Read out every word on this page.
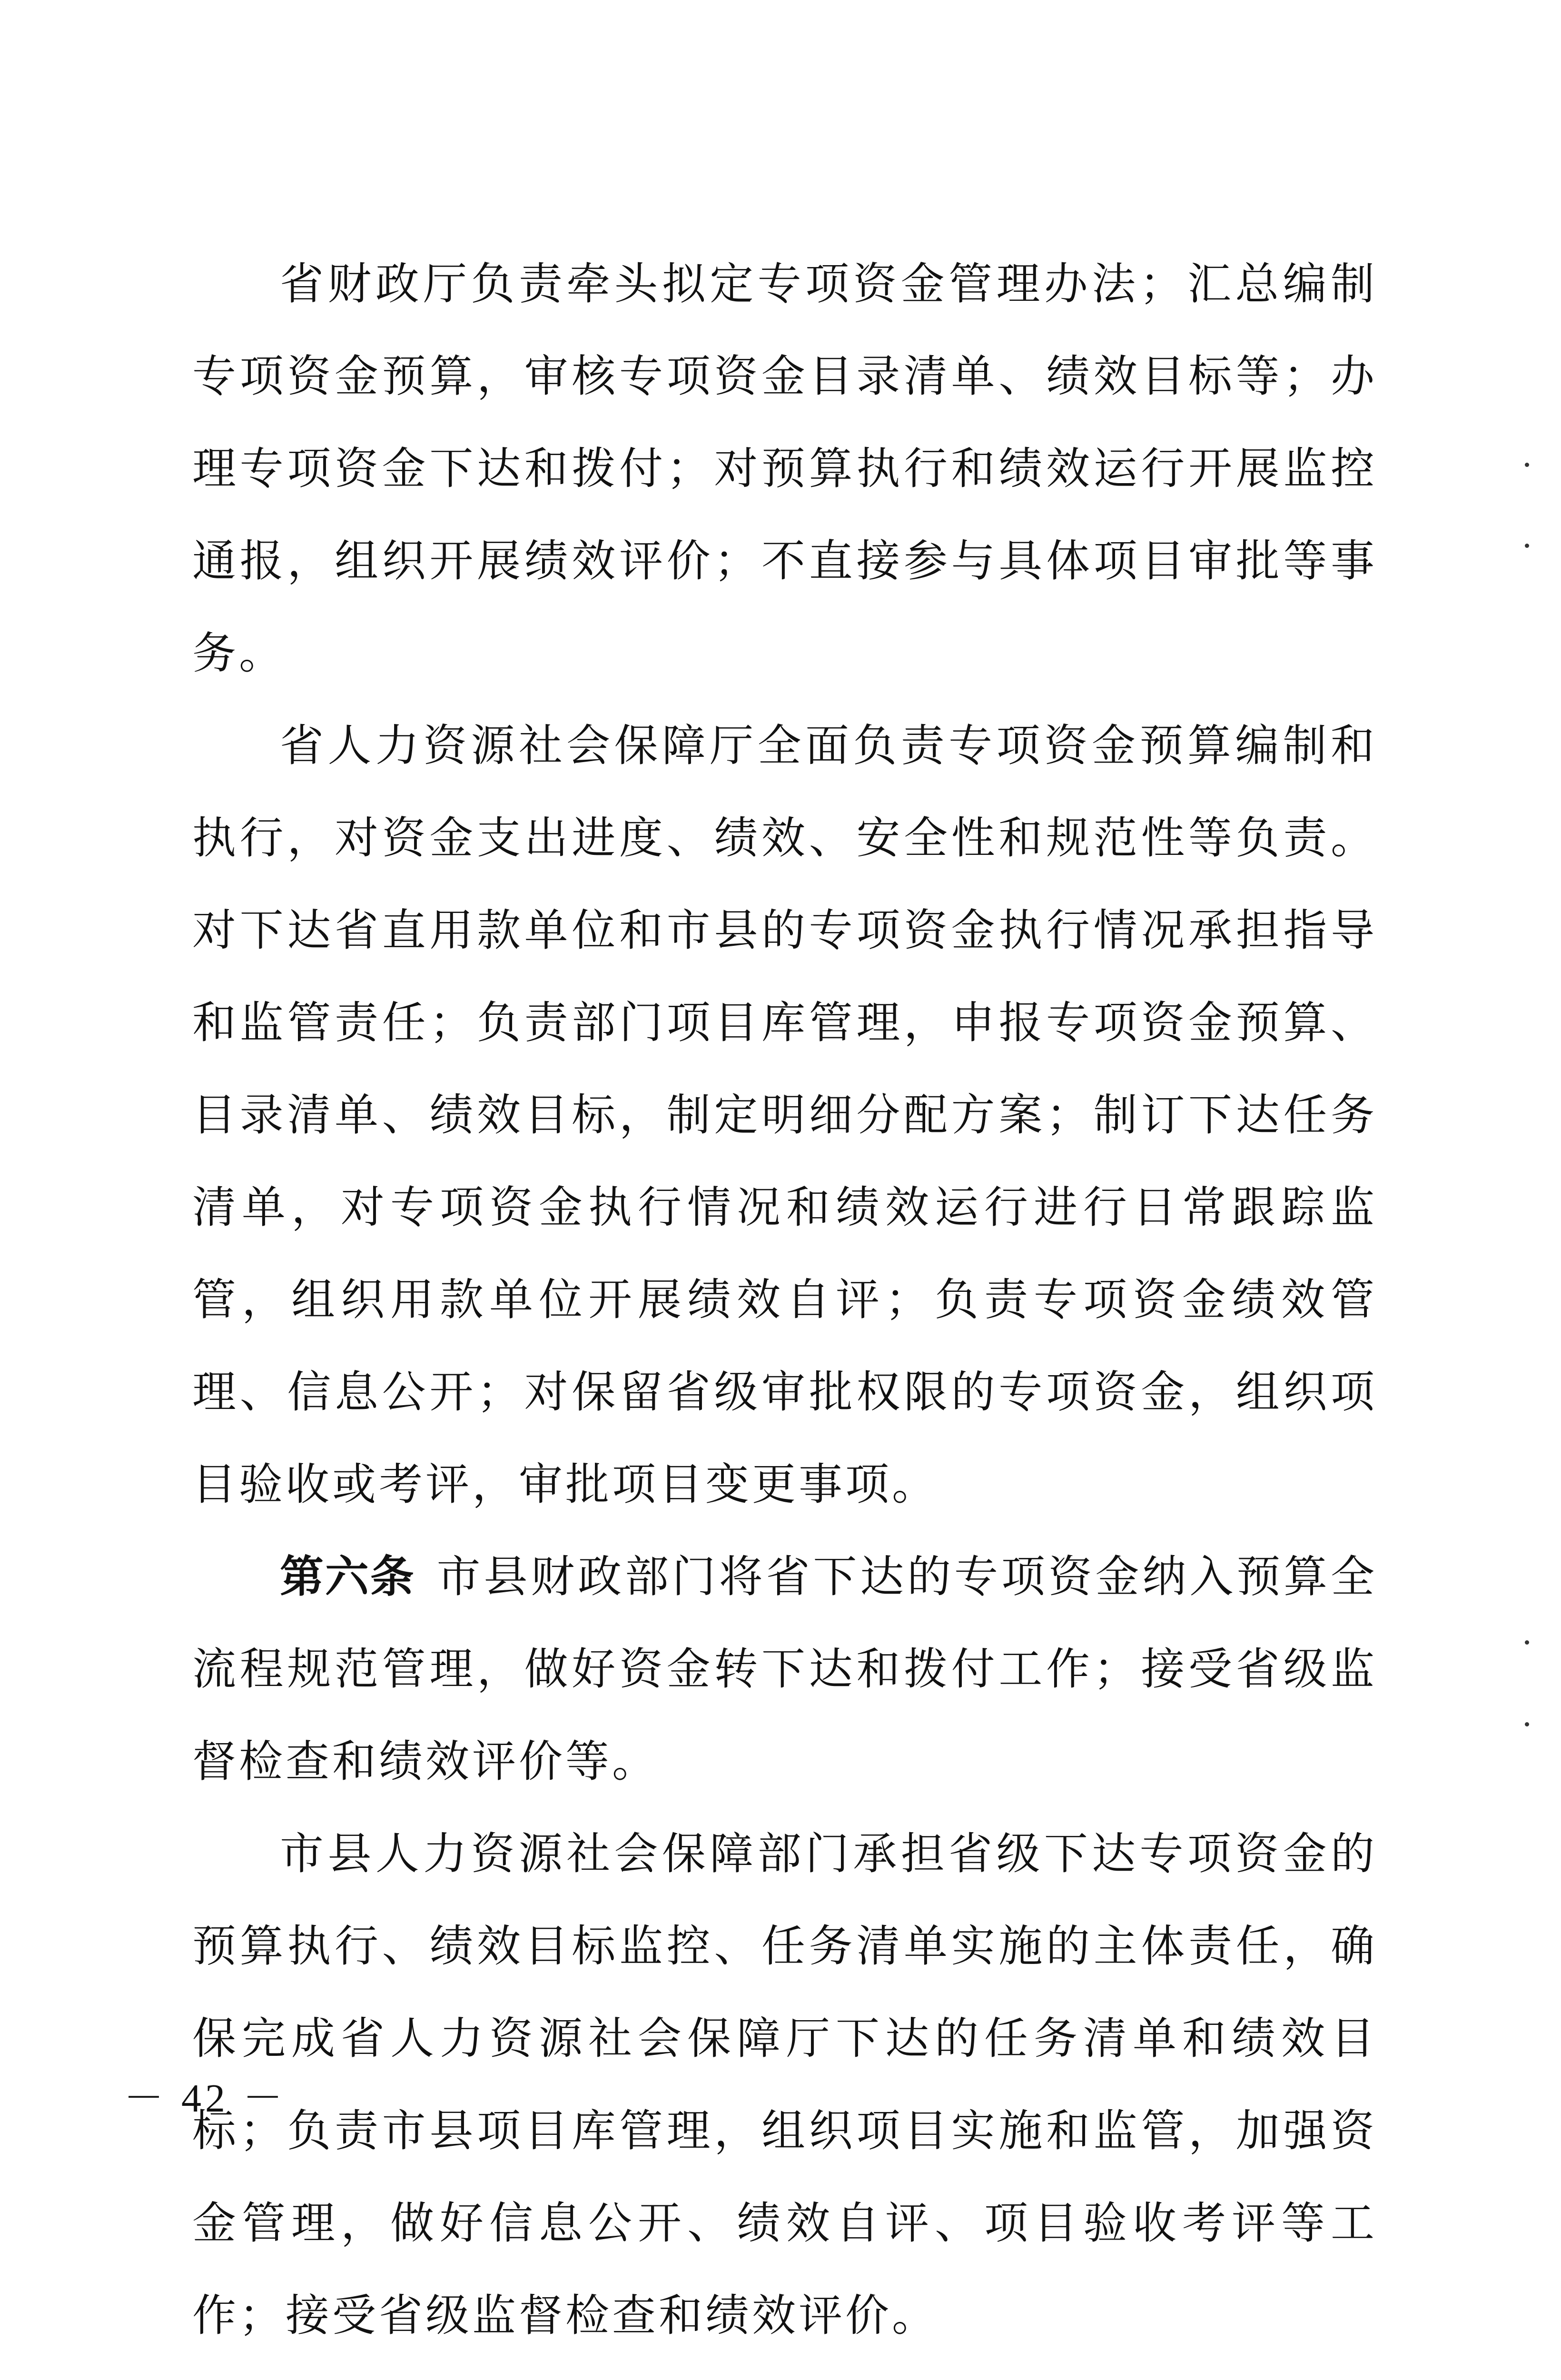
省财政厅负责牵头拟定专项资金管理办法；汇总编制专项资金预算，审核专项资金目录清单、绩效目标等；办理专项资金下达和拨付；对预算执行和绩效运行开展监控通报，组织开展绩效评价；不直接参与具体项目审批等事务。

省人力资源社会保障厅全面负责专项资金预算编制和执行，对资金支出进度、绩效、安全性和规范性等负责。对下达省直用款单位和市县的专项资金执行情况承担指导和监管责任；负责部门项目库管理，申报专项资金预算、目录清单、绩效目标，制定明细分配方案；制订下达任务清单，对专项资金执行情况和绩效运行进行日常跟踪监管，组织用款单位开展绩效自评；负责专项资金绩效管理、信息公开；对保留省级审批权限的专项资金，组织项目验收或考评，审批项目变更事项。

第六条 市县财政部门将省下达的专项资金纳入预算全流程规范管理，做好资金转下达和拨付工作；接受省级监督检查和绩效评价等。

市县人力资源社会保障部门承担省级下达专项资金的预算执行、绩效目标监控、任务清单实施的主体责任，确保完成省人力资源社会保障厅下达的任务清单和绩效目标；负责市县项目库管理，组织项目实施和监管，加强资金管理，做好信息公开、绩效自评、项目验收考评等工作；接受省级监督检查和绩效评价。

－ 42 －
